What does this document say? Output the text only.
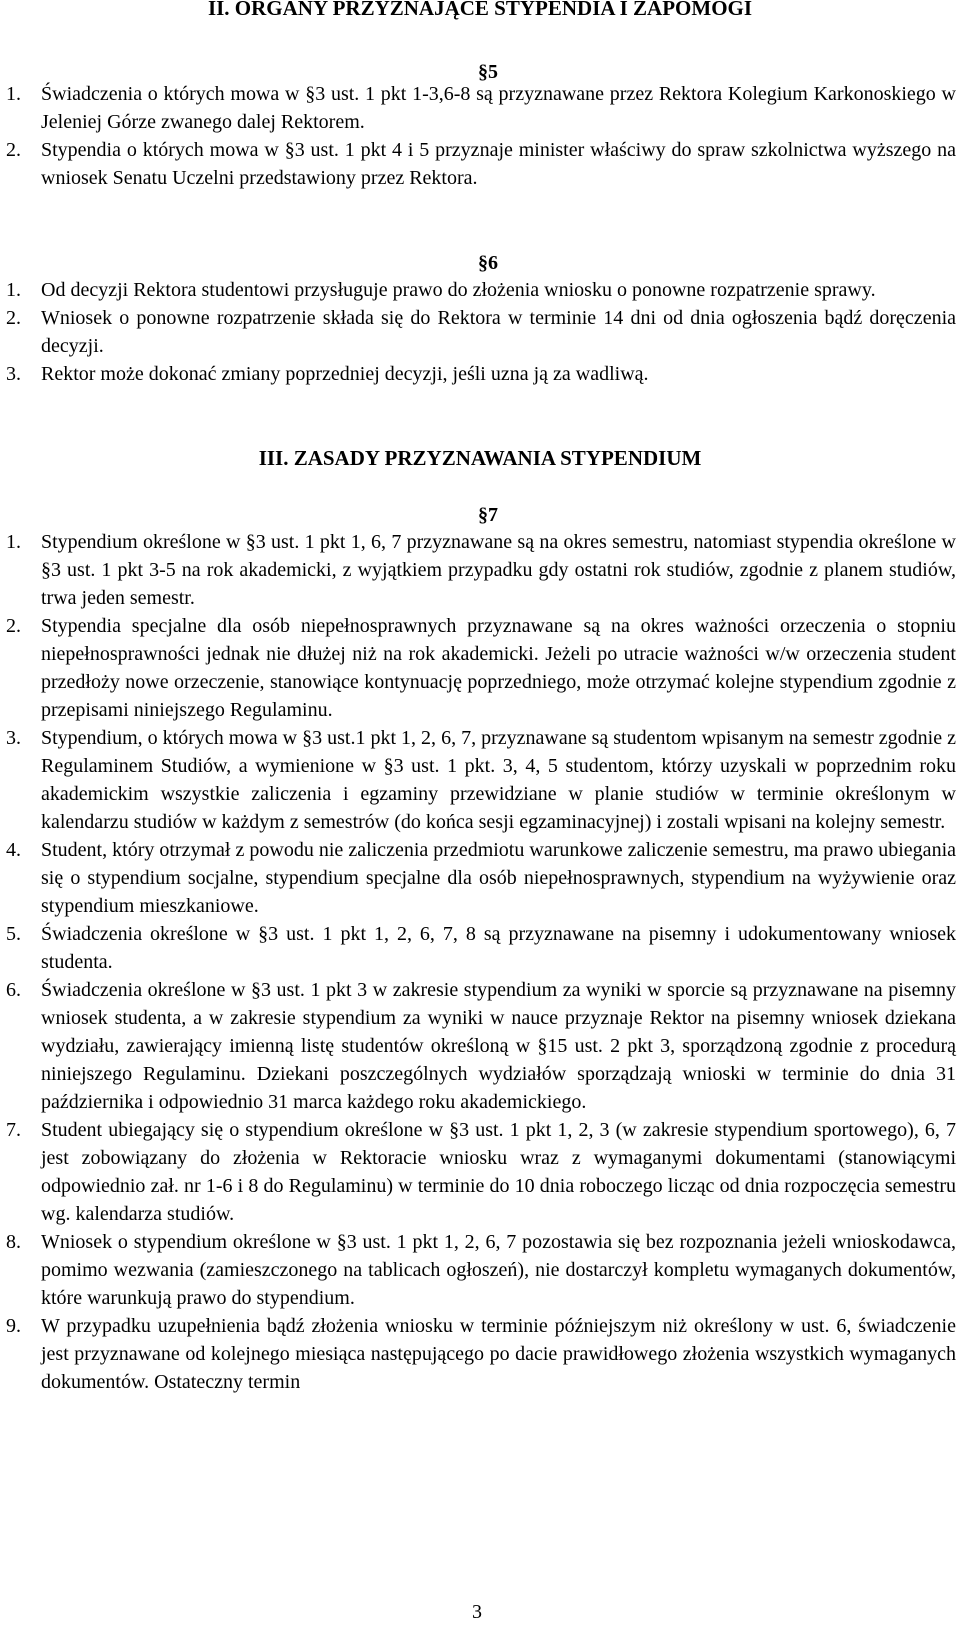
II. ORGANY PRZYZNAJĄCE STYPENDIA I ZAPOMOGI
§5
1.	Świadczenia o których mowa w §3 ust. 1 pkt 1-3,6-8 są przyznawane przez Rektora Kolegium Karkonoskiego w Jeleniej Górze zwanego dalej Rektorem.
2.	Stypendia o których mowa w §3 ust. 1 pkt 4 i 5 przyznaje minister właściwy do spraw szkolnictwa wyższego na wniosek Senatu Uczelni przedstawiony przez Rektora.
§6
1.	Od decyzji Rektora studentowi przysługuje prawo do złożenia wniosku o ponowne rozpatrzenie sprawy.
2.	Wniosek o ponowne rozpatrzenie składa się do Rektora w terminie 14 dni od dnia ogłoszenia bądź doręczenia decyzji.
3.	Rektor może dokonać zmiany poprzedniej decyzji, jeśli uzna ją za wadliwą.
III. ZASADY PRZYZNAWANIA STYPENDIUM
§7
1.	Stypendium określone w §3 ust. 1 pkt 1, 6, 7 przyznawane są na okres semestru, natomiast stypendia określone w §3 ust. 1 pkt 3-5 na rok akademicki, z wyjątkiem przypadku gdy ostatni rok studiów, zgodnie z planem studiów, trwa jeden semestr.
2.	Stypendia specjalne dla osób niepełnosprawnych przyznawane są na okres ważności orzeczenia o stopniu niepełnosprawności jednak nie dłużej niż na rok akademicki. Jeżeli po utracie ważności w/w orzeczenia student przedłoży nowe orzeczenie, stanowiące kontynuację poprzedniego, może otrzymać kolejne stypendium zgodnie z przepisami niniejszego Regulaminu.
3.	Stypendium, o których mowa w §3 ust.1 pkt 1, 2, 6, 7, przyznawane są studentom wpisanym na semestr zgodnie z Regulaminem Studiów, a wymienione w §3 ust. 1 pkt. 3, 4, 5 studentom, którzy uzyskali w poprzednim roku akademickim wszystkie zaliczenia i egzaminy przewidziane w planie studiów w terminie określonym w kalendarzu studiów w każdym z semestrów (do końca sesji egzaminacyjnej) i zostali wpisani na kolejny semestr.
4.	Student, który otrzymał z powodu nie zaliczenia przedmiotu warunkowe zaliczenie semestru, ma prawo ubiegania się o stypendium socjalne, stypendium specjalne dla osób niepełnosprawnych, stypendium na wyżywienie oraz stypendium mieszkaniowe.
5.	Świadczenia określone w §3 ust. 1 pkt 1, 2, 6, 7, 8 są przyznawane na pisemny i udokumentowany wniosek studenta.
6.	Świadczenia określone w §3 ust. 1 pkt 3 w zakresie stypendium za wyniki w sporcie są przyznawane na pisemny wniosek studenta, a w zakresie stypendium za wyniki w nauce przyznaje Rektor na pisemny wniosek dziekana wydziału, zawierający imienną listę studentów określoną w §15 ust. 2 pkt 3, sporządzoną zgodnie z procedurą niniejszego Regulaminu. Dziekani poszczególnych wydziałów sporządzają wnioski w terminie do dnia 31 października i odpowiednio 31 marca każdego roku akademickiego.
7.	Student ubiegający się o stypendium określone w §3 ust. 1 pkt 1, 2, 3 (w zakresie stypendium sportowego), 6, 7 jest zobowiązany do złożenia w Rektoracie wniosku wraz z wymaganymi dokumentami (stanowiącymi odpowiednio zał. nr 1-6 i 8 do Regulaminu) w terminie do 10 dnia roboczego licząc od dnia rozpoczęcia semestru wg. kalendarza studiów.
8.	Wniosek o stypendium określone w §3 ust. 1 pkt 1, 2, 6, 7 pozostawia się bez rozpoznania jeżeli wnioskodawca, pomimo wezwania (zamieszczonego na tablicach ogłoszeń), nie dostarczył kompletu wymaganych dokumentów, które warunkują prawo do stypendium.
9.	W przypadku uzupełnienia bądź złożenia wniosku w terminie późniejszym niż określony w ust. 6, świadczenie jest przyznawane od kolejnego miesiąca następującego po dacie prawidłowego złożenia wszystkich wymaganych dokumentów. Ostateczny termin
3
